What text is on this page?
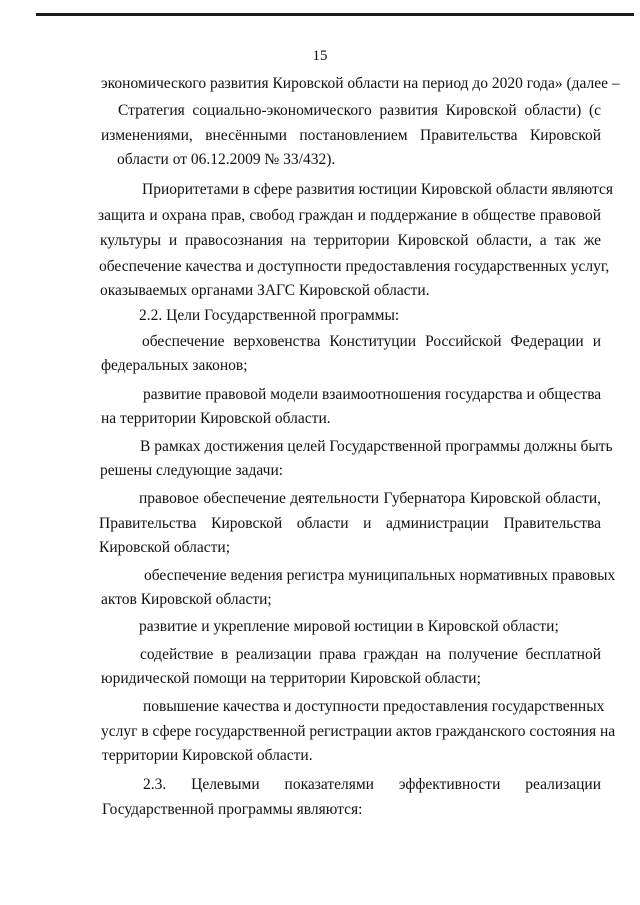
15
экономического развития Кировской области на период до 2020 года» (далее –
Стратегия социально-экономического развития Кировской области) (с
изменениями, внесёнными постановлением Правительства Кировской
области от 06.12.2009 № 33/432).
Приоритетами в сфере развития юстиции Кировской области являются
защита и охрана прав, свобод граждан и поддержание в обществе правовой
культуры и правосознания на территории Кировской области, а так же
обеспечение качества и доступности предоставления государственных услуг,
оказываемых органами ЗАГС Кировской области.
2.2. Цели Государственной программы:
обеспечение верховенства Конституции Российской Федерации и
федеральных законов;
развитие правовой модели взаимоотношения государства и общества
на территории Кировской области.
В рамках достижения целей Государственной программы должны быть
решены следующие задачи:
правовое обеспечение деятельности Губернатора Кировской области,
Правительства Кировской области и администрации Правительства
Кировской области;
обеспечение ведения регистра муниципальных нормативных правовых
актов Кировской области;
развитие и укрепление мировой юстиции в Кировской области;
содействие в реализации права граждан на получение бесплатной
юридической помощи на территории Кировской области;
повышение качества и доступности предоставления государственных
услуг в сфере государственной регистрации актов гражданского состояния на
территории Кировской области.
2.3. Целевыми показателями эффективности реализации
Государственной программы являются:
